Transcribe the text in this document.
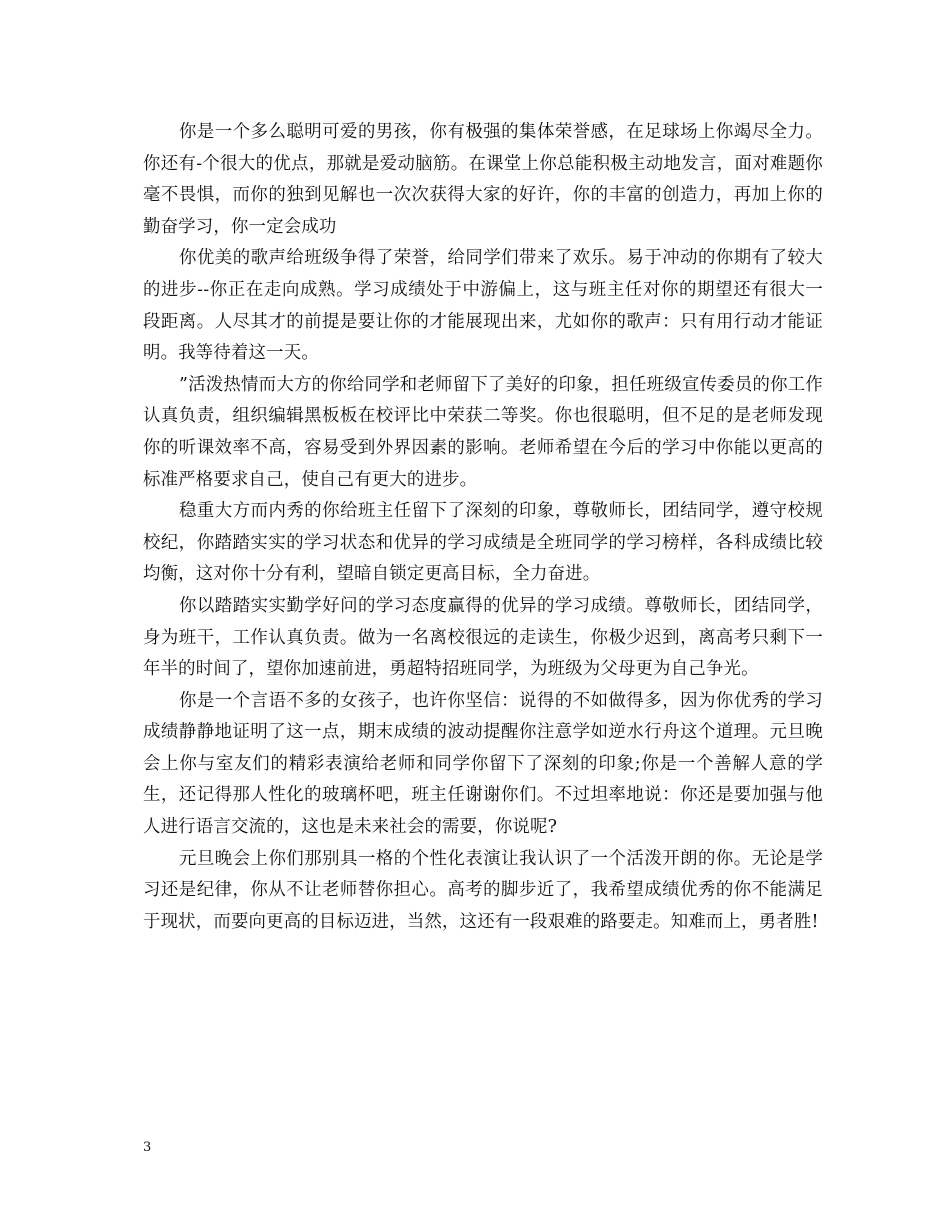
你是一个多么聪明可爱的男孩，你有极强的集体荣誉感，在足球场上你竭尽全力。你还有-个很大的优点，那就是爱动脑筋。在课堂上你总能积极主动地发言，面对难题你毫不畏惧，而你的独到见解也一次次获得大家的好许，你的丰富的创造力，再加上你的勤奋学习，你一定会成功

你优美的歌声给班级争得了荣誉，给同学们带来了欢乐。易于冲动的你期有了较大的进步--你正在走向成熟。学习成绩处于中游偏上，这与班主任对你的期望还有很大一段距离。人尽其才的前提是要让你的才能展现出来，尤如你的歌声：只有用行动才能证明。我等待着这一天。

”活泼热情而大方的你给同学和老师留下了美好的印象，担任班级宣传委员的你工作认真负责，组织编辑黑板板在校评比中荣获二等奖。你也很聪明，但不足的是老师发现你的听课效率不高，容易受到外界因素的影响。老师希望在今后的学习中你能以更高的标准严格要求自己，使自己有更大的进步。

稳重大方而内秀的你给班主任留下了深刻的印象，尊敬师长，团结同学，遵守校规校纪，你踏踏实实的学习状态和优异的学习成绩是全班同学的学习榜样，各科成绩比较均衡，这对你十分有利，望暗自锁定更高目标，全力奋进。

你以踏踏实实勤学好问的学习态度赢得的优异的学习成绩。尊敬师长，团结同学，身为班干，工作认真负责。做为一名离校很远的走读生，你极少迟到，离高考只剩下一年半的时间了，望你加速前进，勇超特招班同学，为班级为父母更为自己争光。

你是一个言语不多的女孩子，也许你坚信：说得的不如做得多，因为你优秀的学习成绩静静地证明了这一点，期末成绩的波动提醒你注意学如逆水行舟这个道理。元旦晚会上你与室友们的精彩表演给老师和同学你留下了深刻的印象;你是一个善解人意的学生，还记得那人性化的玻璃杯吧，班主任谢谢你们。不过坦率地说：你还是要加强与他人进行语言交流的，这也是未来社会的需要，你说呢?

元旦晚会上你们那别具一格的个性化表演让我认识了一个活泼开朗的你。无论是学习还是纪律，你从不让老师替你担心。高考的脚步近了，我希望成绩优秀的你不能满足于现状，而要向更高的目标迈进，当然，这还有一段艰难的路要走。知难而上，勇者胜!

3
